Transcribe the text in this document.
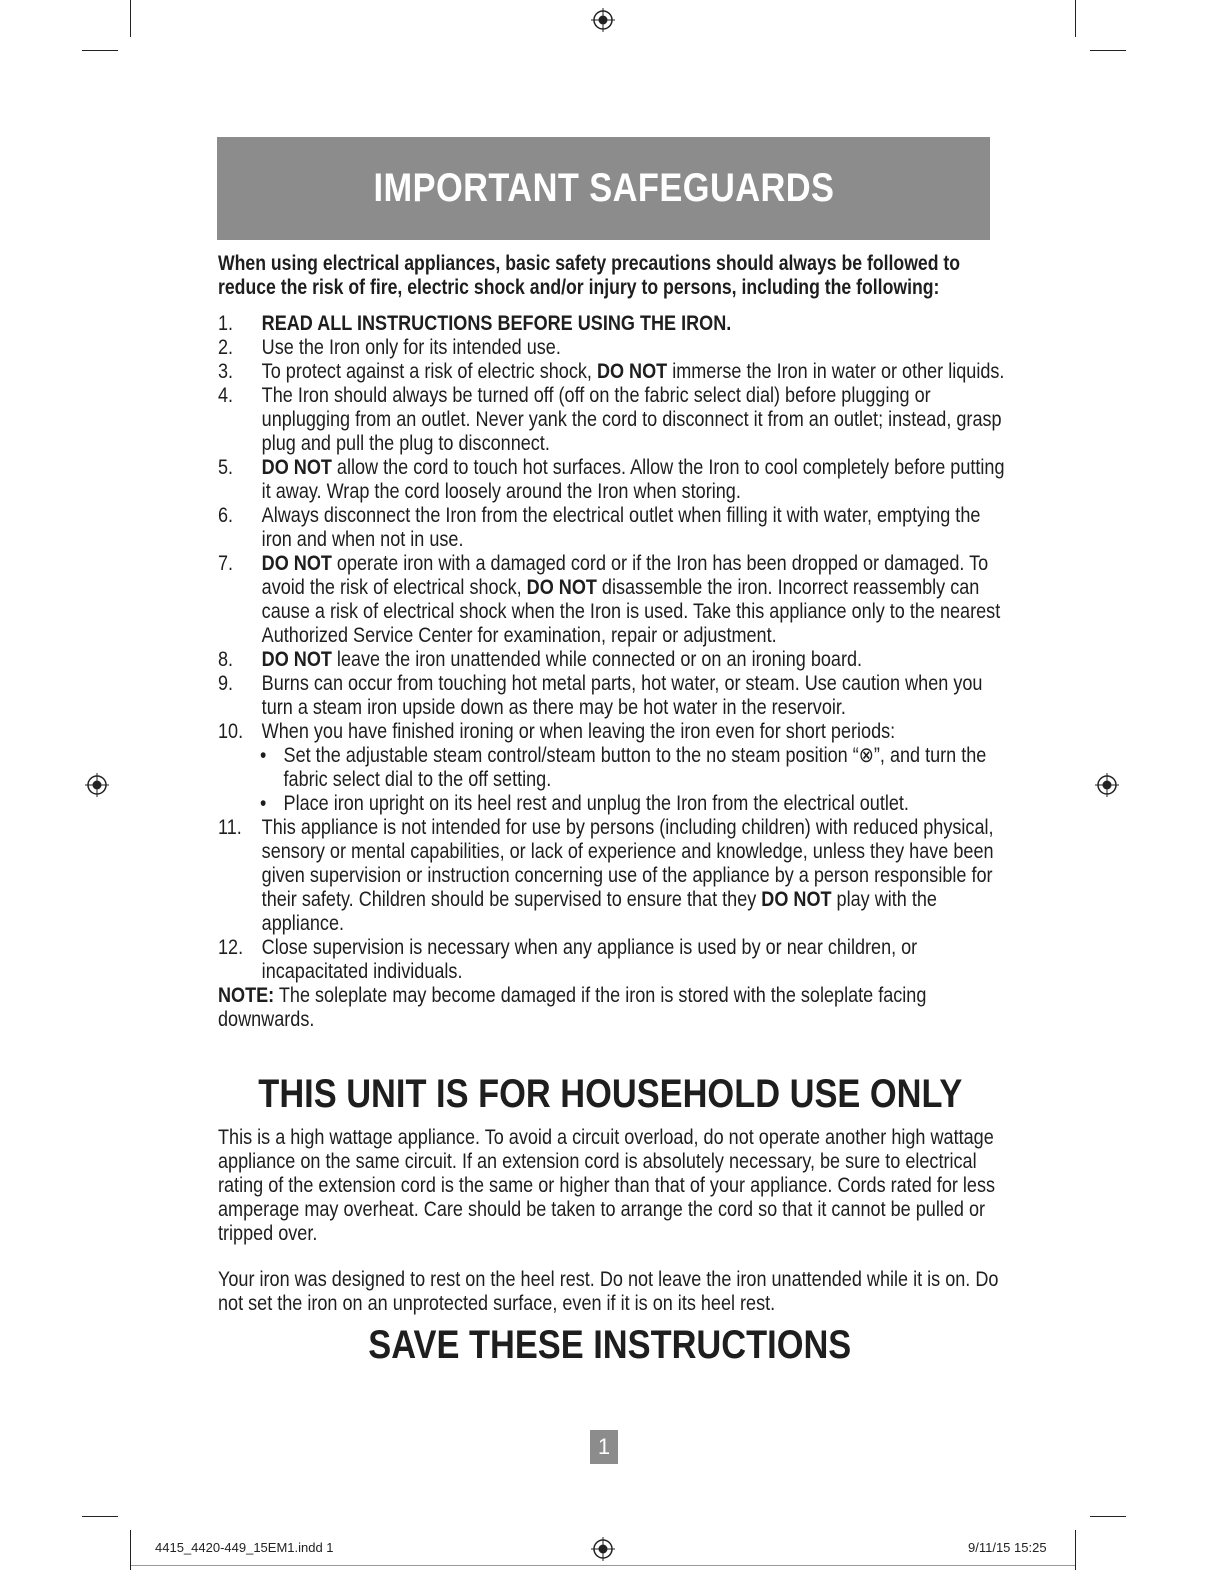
IMPORTANT SAFEGUARDS

When using electrical appliances, basic safety precautions should always be followed to reduce the risk of fire, electric shock and/or injury to persons, including the following:

1.	READ ALL INSTRUCTIONS BEFORE USING THE IRON.
2.	Use the Iron only for its intended use.
3.	To protect against a risk of electric shock, DO NOT immerse the Iron in water or other liquids.
4.	The Iron should always be turned off (off on the fabric select dial) before plugging or unplugging from an outlet. Never yank the cord to disconnect it from an outlet; instead, grasp plug and pull the plug to disconnect.
5.	DO NOT allow the cord to touch hot surfaces. Allow the Iron to cool completely before putting it away. Wrap the cord loosely around the Iron when storing.
6.	Always disconnect the Iron from the electrical outlet when filling it with water, emptying the iron and when not in use.
7.	DO NOT operate iron with a damaged cord or if the Iron has been dropped or damaged. To avoid the risk of electrical shock, DO NOT disassemble the iron. Incorrect reassembly can cause a risk of electrical shock when the Iron is used. Take this appliance only to the nearest Authorized Service Center for examination, repair or adjustment.
8.	DO NOT leave the iron unattended while connected or on an ironing board.
9.	Burns can occur from touching hot metal parts, hot water, or steam. Use caution when you turn a steam iron upside down as there may be hot water in the reservoir.
10. When you have finished ironing or when leaving the iron even for short periods:
• Set the adjustable steam control/steam button to the no steam position “⊗”, and turn the fabric select dial to the off setting.
• Place iron upright on its heel rest and unplug the Iron from the electrical outlet.
11. This appliance is not intended for use by persons (including children) with reduced physical, sensory or mental capabilities, or lack of experience and knowledge, unless they have been given supervision or instruction concerning use of the appliance by a person responsible for their safety. Children should be supervised to ensure that they DO NOT play with the appliance.
12. Close supervision is necessary when any appliance is used by or near children, or incapacitated individuals.
NOTE: The soleplate may become damaged if the iron is stored with the soleplate facing downwards.
THIS UNIT IS FOR HOUSEHOLD USE ONLY
This is a high wattage appliance. To avoid a circuit overload, do not operate another high wattage appliance on the same circuit. If an extension cord is absolutely necessary, be sure to electrical rating of the extension cord is the same or higher than that of your appliance. Cords rated for less amperage may overheat. Care should be taken to arrange the cord so that it cannot be pulled or tripped over.
Your iron was designed to rest on the heel rest. Do not leave the iron unattended while it is on. Do not set the iron on an unprotected surface, even if it is on its heel rest.
SAVE THESE INSTRUCTIONS
1
4415_4420-449_15EM1.indd 1	9/11/15 15:25
